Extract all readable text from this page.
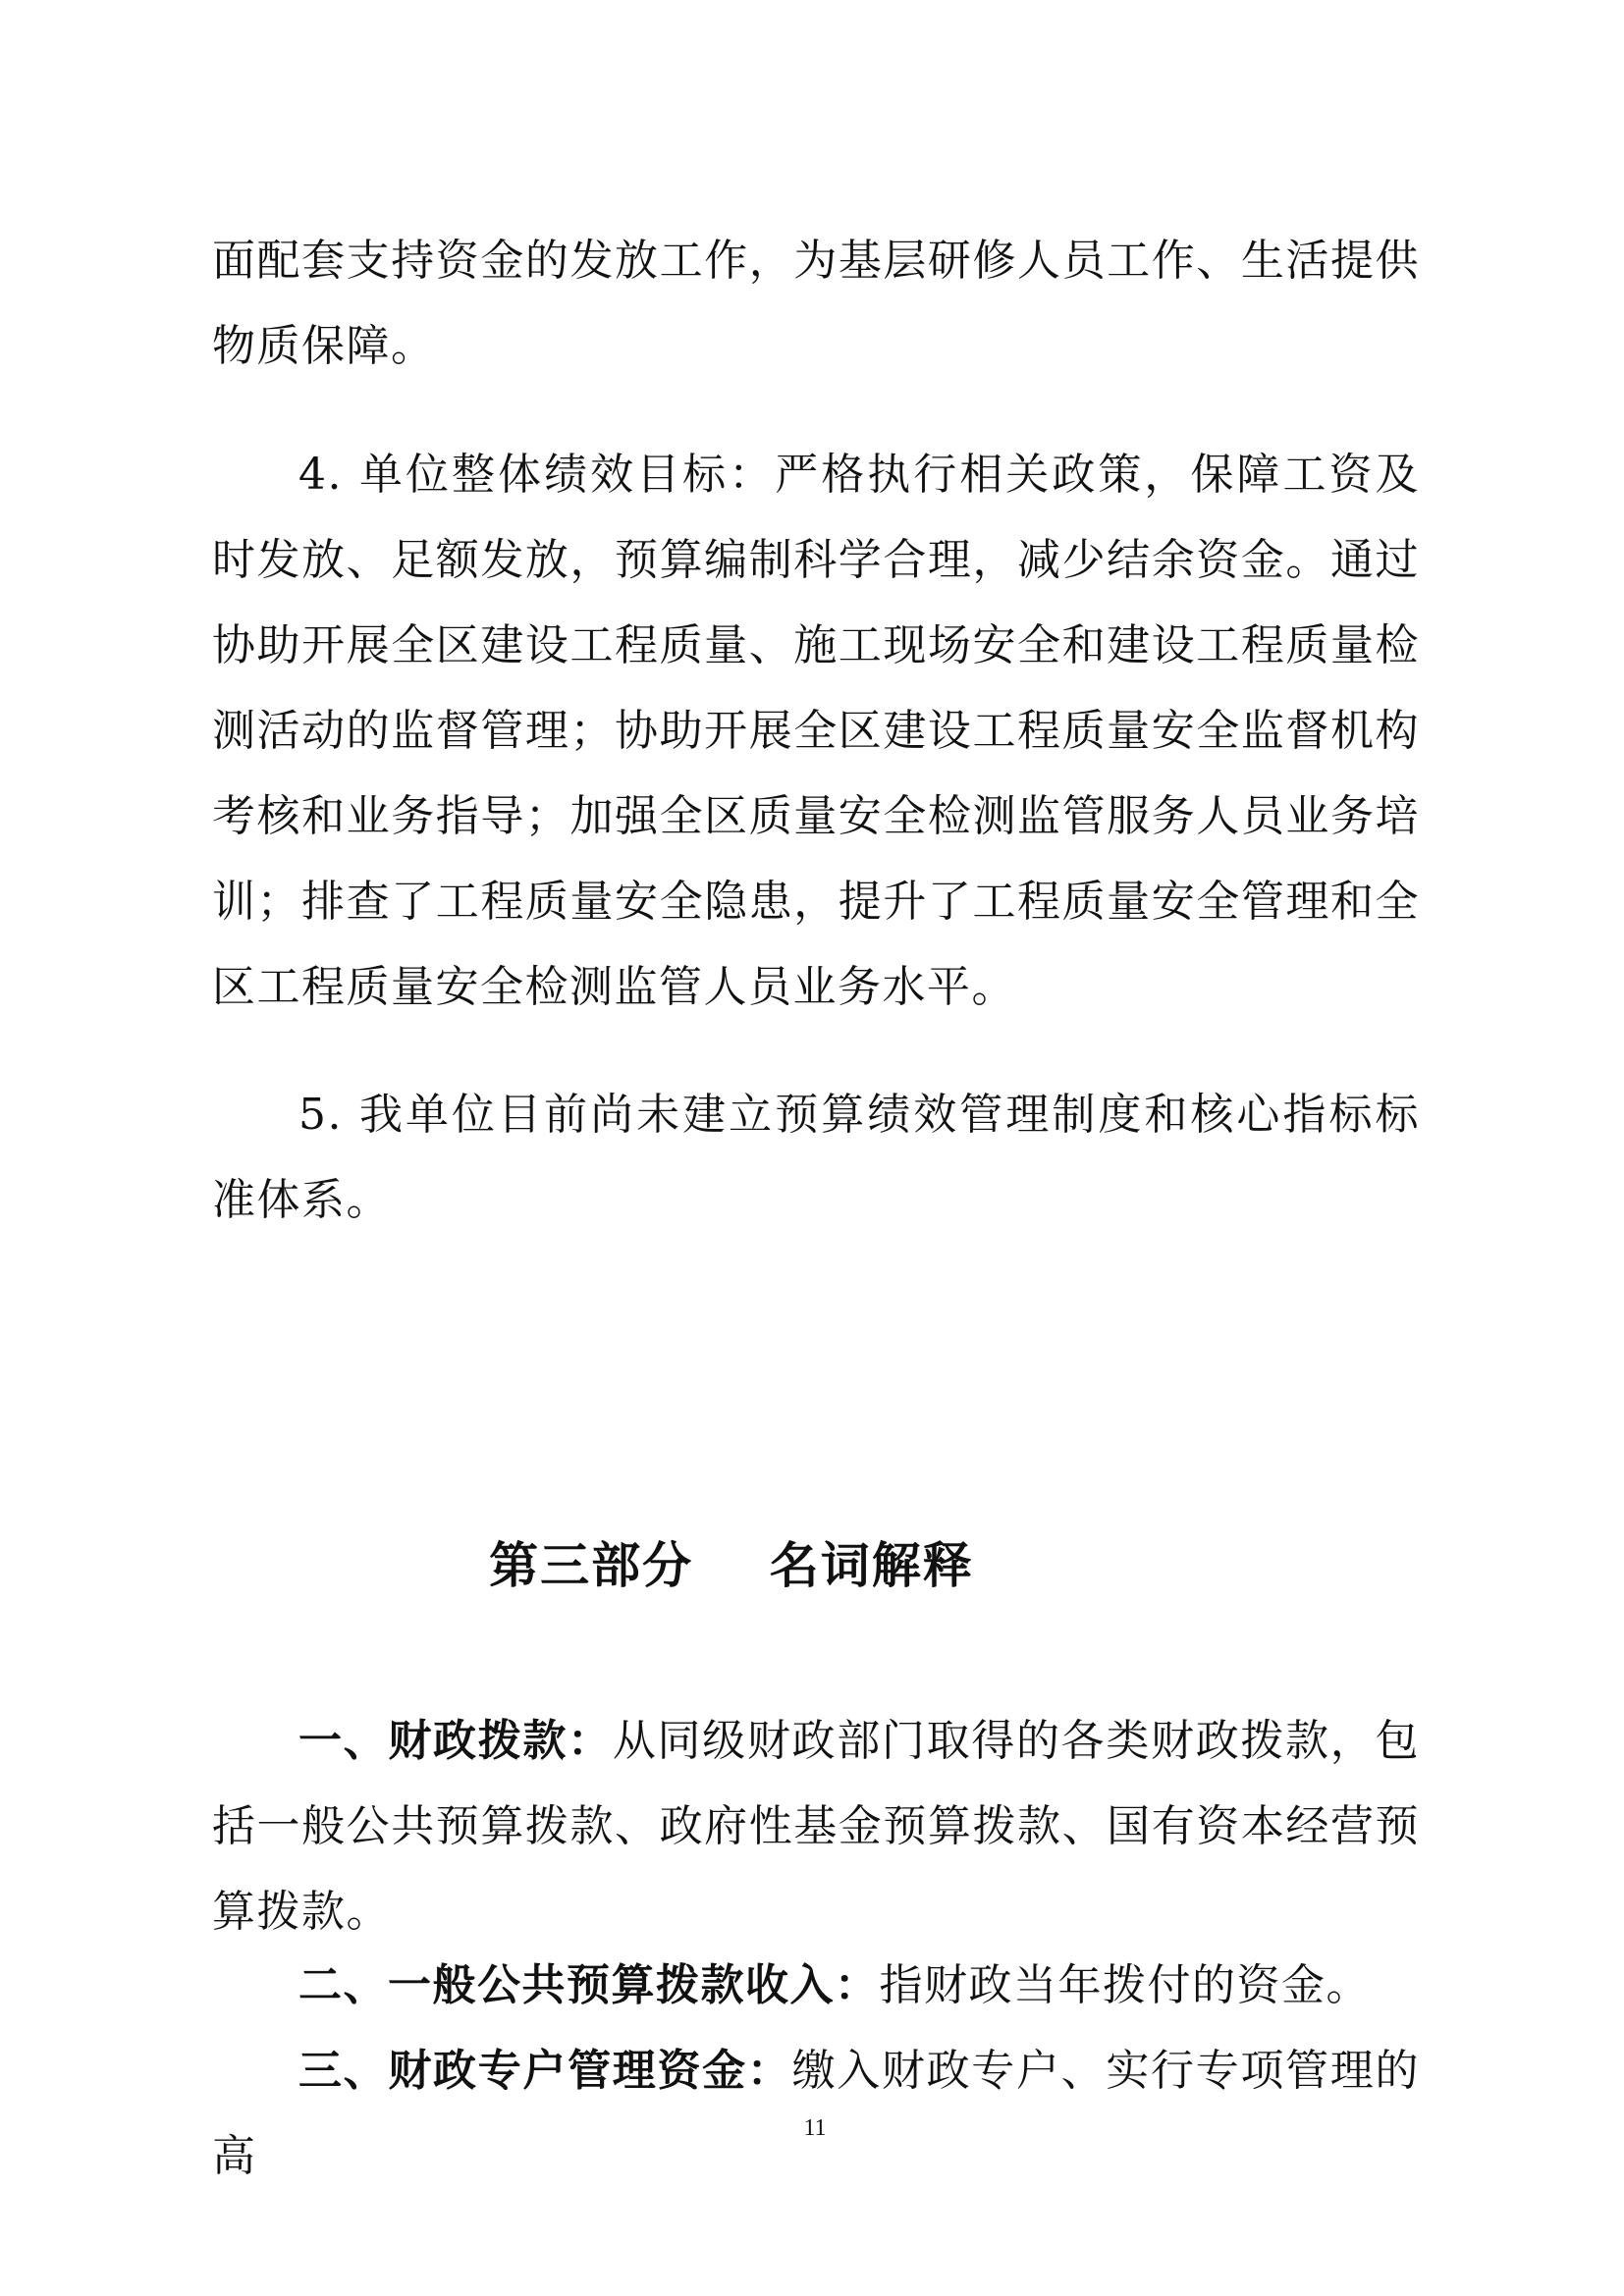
面配套支持资金的发放工作，为基层研修人员工作、生活提供物质保障。

4. 单位整体绩效目标：严格执行相关政策，保障工资及时发放、足额发放，预算编制科学合理，减少结余资金。通过协助开展全区建设工程质量、施工现场安全和建设工程质量检测活动的监督管理；协助开展全区建设工程质量安全监督机构考核和业务指导；加强全区质量安全检测监管服务人员业务培训；排查了工程质量安全隐患，提升了工程质量安全管理和全区工程质量安全检测监管人员业务水平。

5. 我单位目前尚未建立预算绩效管理制度和核心指标标准体系。

第三部分    名词解释

一、财政拨款：从同级财政部门取得的各类财政拨款，包括一般公共预算拨款、政府性基金预算拨款、国有资本经营预算拨款。

二、一般公共预算拨款收入：指财政当年拨付的资金。

三、财政专户管理资金：缴入财政专户、实行专项管理的高

11
